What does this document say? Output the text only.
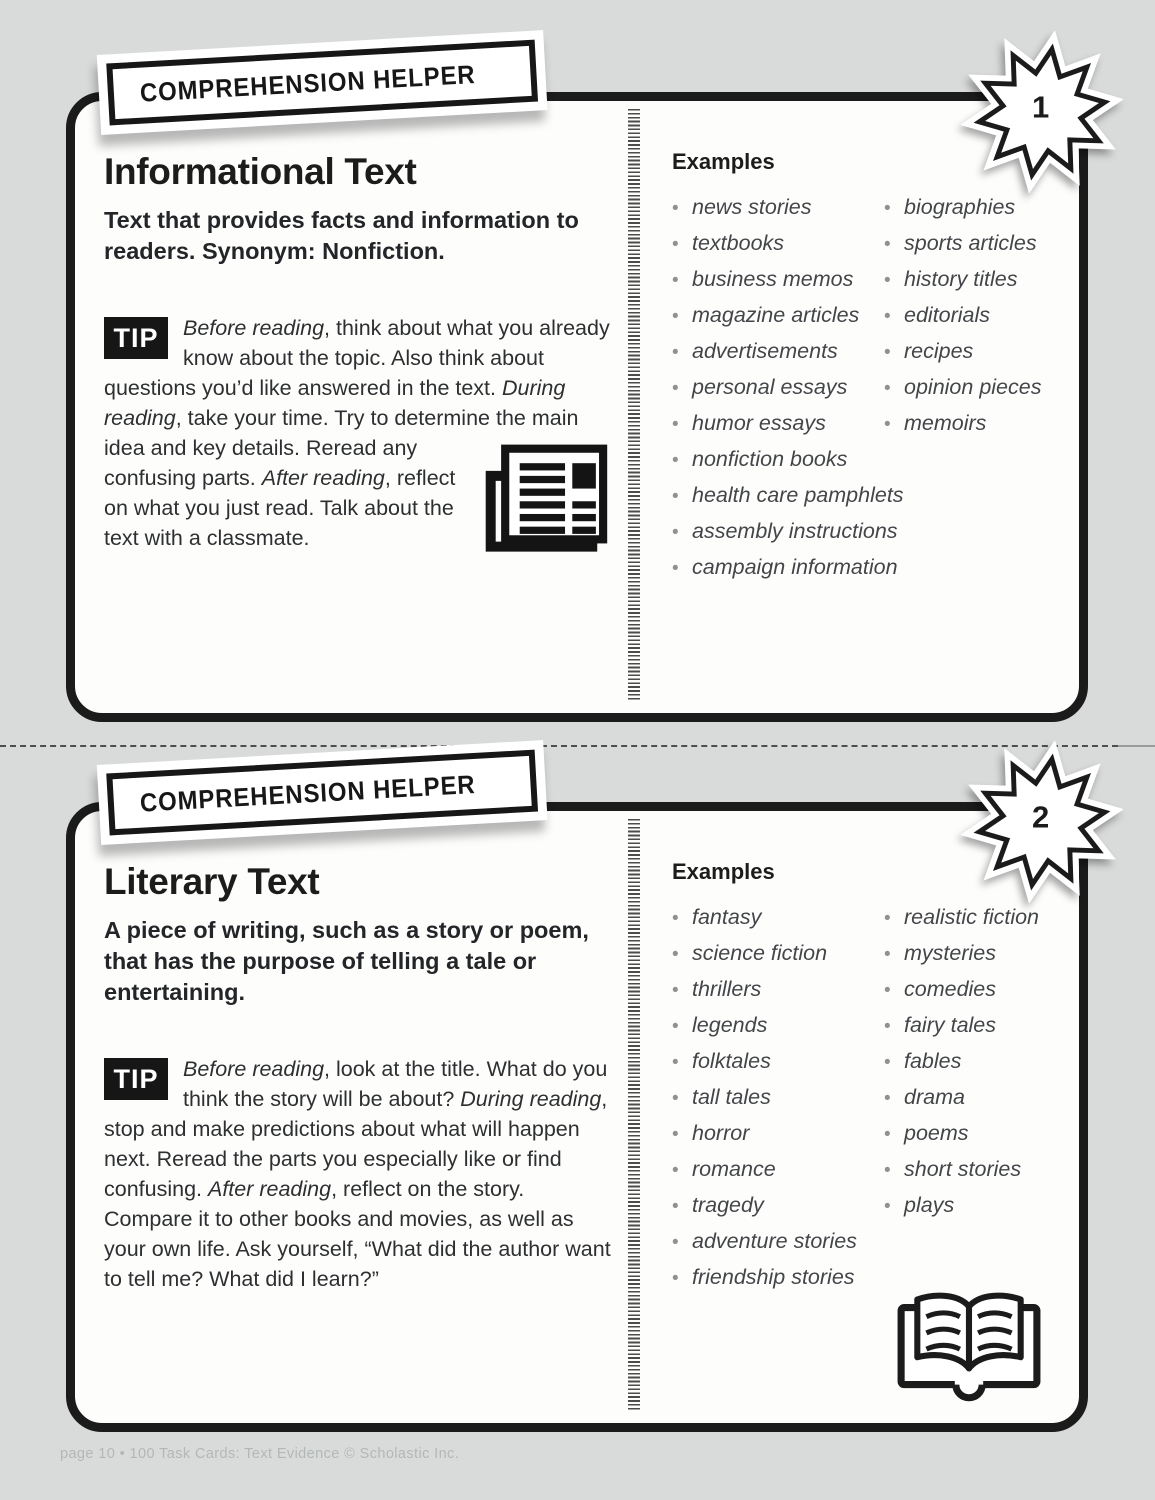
COMPREHENSION HELPER	1
Informational Text

Text that provides facts and information to readers. Synonym: Nonfiction.

TIP	Before reading, think about what you already know about the topic. Also think about questions you’d like answered in the text. During reading, take your time. Try to determine the main idea and key details. Reread
any confusing parts. After reading, reflect on what you just read. Talk about the text with a classmate.
Examples
•news stories
•textbooks
•business memos
•magazine articles
•advertisements
•personal essays
•humor essays
•biographies
•sports articles
•history titles
•editorials
•recipes
•opinion pieces
•memoirs
•nonfiction books
•health care pamphlets
•assembly instructions
•campaign information
COMPREHENSION HELPER	2
Literary Text

A piece of writing, such as a story or poem, that has the purpose of telling a tale or entertaining.

TIP	Before reading, look at the title. What do you think the story will be about? During reading, stop and make predictions about what will happen next. Reread the parts you especially like or find confusing. After reading, reflect on the story. Compare it to other books and movies, as well as your own life. Ask yourself, “What did the author want to tell me? What did I learn?”
Examples
•fantasy
•science fiction
•thrillers
•legends
•folktales
•tall tales
•horror
•romance
•tragedy
•realistic fiction
•mysteries
•comedies
•fairy tales
•fables
•drama
•poems
•short stories
•plays
•adventure stories
•friendship stories
page 10 • 100 Task Cards: Text Evidence © Scholastic Inc.
